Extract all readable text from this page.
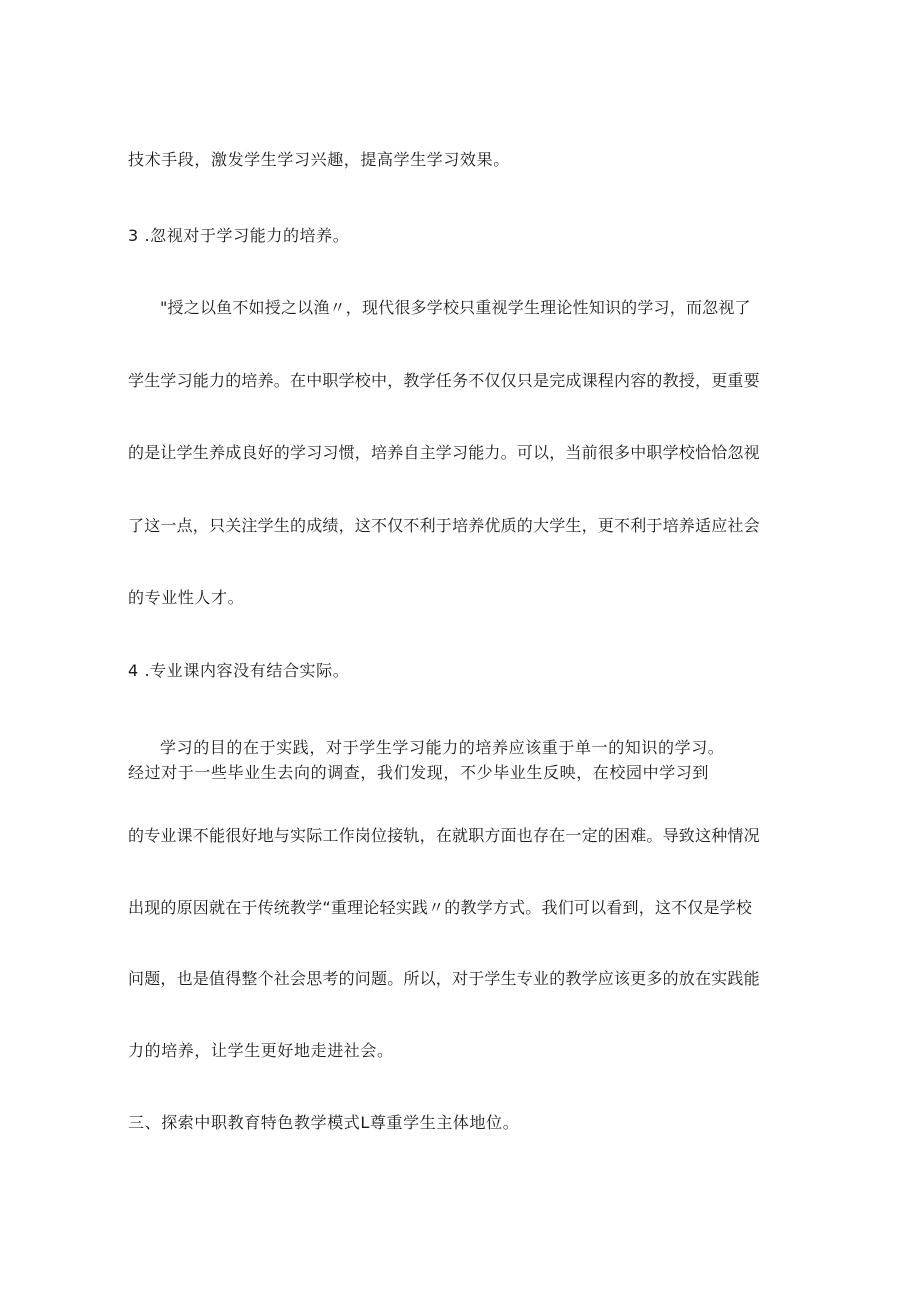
技术手段，激发学生学习兴趣，提高学生学习效果。
3 .忽视对于学习能力的培养。
"授之以鱼不如授之以渔〃，现代很多学校只重视学生理论性知识的学习，而忽视了
学生学习能力的培养。在中职学校中，教学任务不仅仅只是完成课程内容的教授，更重要
的是让学生养成良好的学习习惯，培养自主学习能力。可以，当前很多中职学校恰恰忽视
了这一点，只关注学生的成绩，这不仅不利于培养优质的大学生，更不利于培养适应社会
的专业性人才。
4 .专业课内容没有结合实际。
学习的目的在于实践，对于学生学习能力的培养应该重于单一的知识的学习。
经过对于一些毕业生去向的调查，我们发现，不少毕业生反映，在校园中学习到
的专业课不能很好地与实际工作岗位接轨，在就职方面也存在一定的困难。导致这种情况
出现的原因就在于传统教学“重理论轻实践〃的教学方式。我们可以看到，这不仅是学校
问题，也是值得整个社会思考的问题。所以，对于学生专业的教学应该更多的放在实践能
力的培养，让学生更好地走进社会。
三、探索中职教育特色教学模式L尊重学生主体地位。
